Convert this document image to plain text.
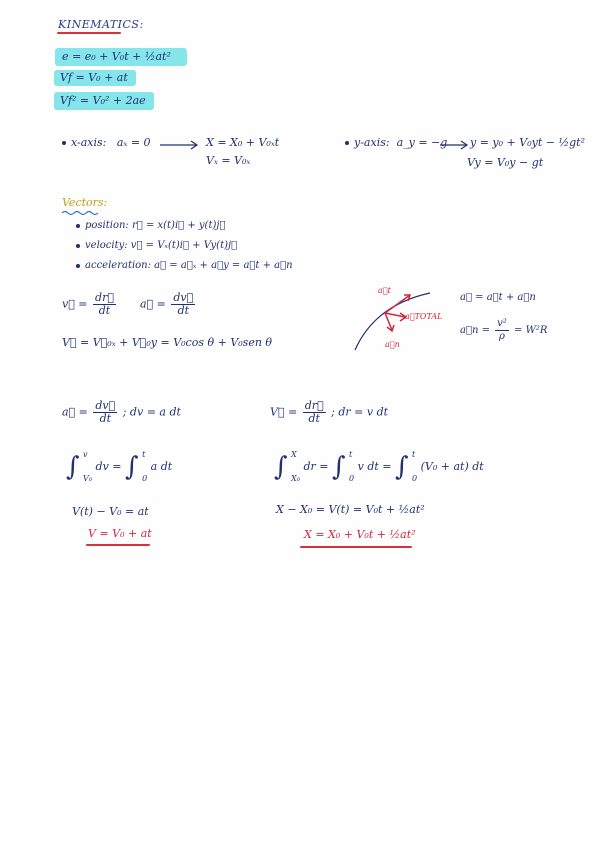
KINEMATICS:
e = e₀ + V₀t + ½at²
Vf = V₀ + at
Vf² = V₀² + 2ae
x-axis: aₓ = 0	X = X₀ + V₀ₓt
Vₓ = V₀ₓ
y-axis: a_y = −g y = y₀ + V₀yt − ½gt²
Vy = V₀y − gt
Vectors:
position: r⃗ = x(t)i⃗ + y(t)j⃗
velocity: v⃗ = Vₓ(t)i⃗ + Vy(t)j⃗
acceleration: a⃗ = a⃗ₓ + a⃗y = a⃗t + a⃗n
v⃗ = $\frac{dr⃗}{dt}$ a⃗ = $\frac{dv⃗}{dt}$
V⃗ = V⃗₀ₓ + V⃗₀y = V₀cos θ + V₀sen θ
a⃗t
a⃗TOTAL
a⃗n
a⃗ = a⃗t + a⃗n
a⃗n = $\frac{\text{v²}}{\rho} = W^2R$
a⃗ = $\frac{dv⃗}{dt}$ ; dv = a dt
∫ v
V₀
dv = ∫ t
0
a dt
V(t) − V₀ = at
V = V₀ + at
V⃗ = $\frac{dr⃗}{dt}$ ; dr = v dt
∫ X
X₀
dr = ∫ t
0
v dt = ∫ t
0
(V₀ + at) dt
X − X₀ = V(t) = V₀t + ½at²
X = X₀ + V₀t + ½at²
